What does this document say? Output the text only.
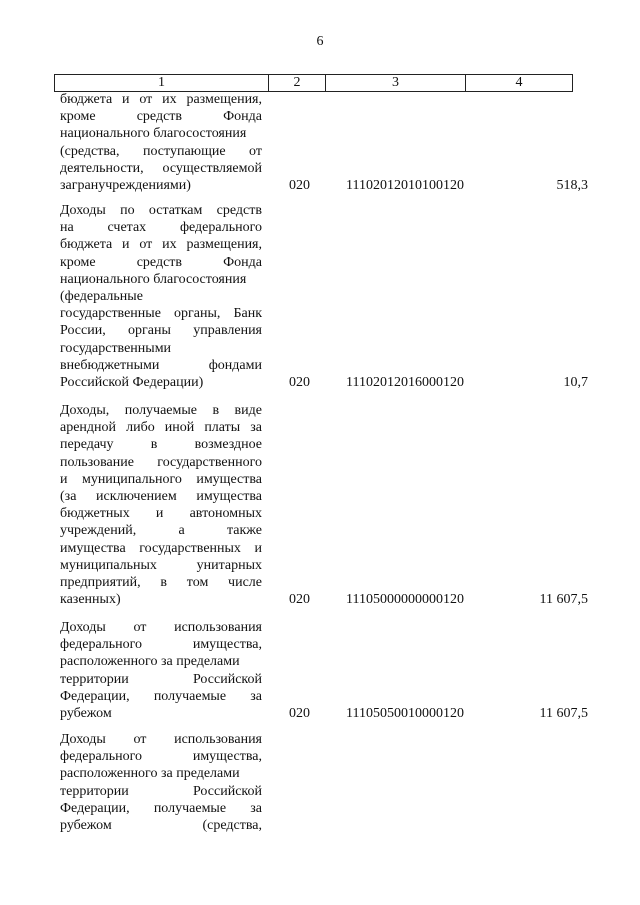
6
1	2	3	4
бюджета и от их размещения,
кроме средств Фонда
национального благосостояния
(средства, поступающие от
деятельности, осуществляемой
загранучреждениями)	020	11102012010100120	518,3
Доходы по остаткам средств
на счетах федерального
бюджета и от их размещения,
кроме средств Фонда
национального благосостояния
(федеральные
государственные органы, Банк
России, органы управления
государственными
внебюджетными фондами
Российской Федерации)	020	11102012016000120	10,7
Доходы, получаемые в виде
арендной либо иной платы за
передачу в возмездное
пользование государственного
и муниципального имущества
(за исключением имущества
бюджетных и автономных
учреждений, а также
имущества государственных и
муниципальных унитарных
предприятий, в том числе
казенных)	020	11105000000000120	11 607,5
Доходы от использования
федерального имущества,
расположенного за пределами
территории Российской
Федерации, получаемые за
рубежом	020	11105050010000120	11 607,5
Доходы от использования
федерального имущества,
расположенного за пределами
территории Российской
Федерации, получаемые за
рубежом (средства,
